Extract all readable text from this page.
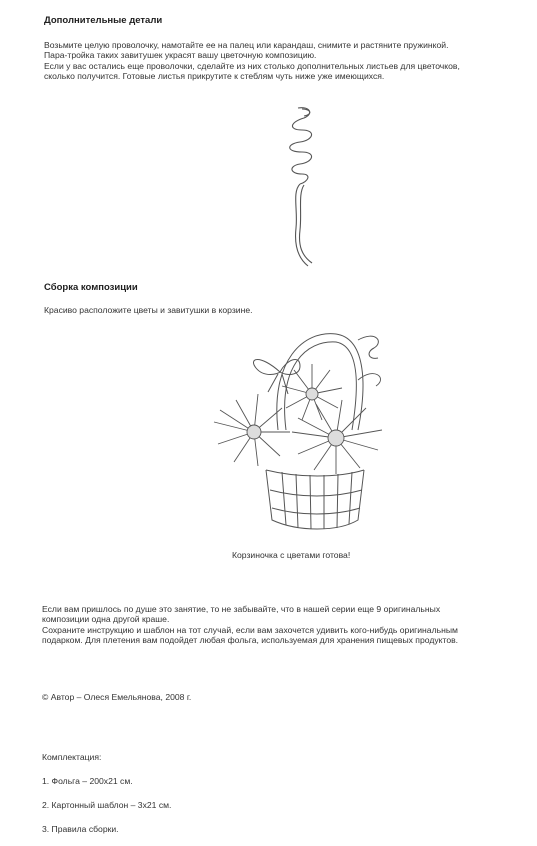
Дополнительные детали
Возьмите целую проволочку, намотайте ее на палец или карандаш, снимите и растяните пружинкой.
Пара-тройка таких завитушек украсят вашу цветочную композицию.
Если у вас остались еще проволочки, сделайте из них столько дополнительных листьев для цветочков,
сколько получится. Готовые листья прикрутите к стеблям чуть ниже уже имеющихся.
Сборка композиции
Красиво расположите цветы и завитушки в корзине.
Корзиночка с цветами готова!
Если вам пришлось по душе это занятие, то не забывайте, что в нашей серии еще 9 оригинальных
композиции одна другой краше.
Сохраните инструкцию и шаблон на тот случай, если вам захочется удивить кого-нибудь оригинальным
подарком. Для плетения вам подойдет любая фольга, используемая для хранения пищевых продуктов.
© Автор – Олеся Емельянова, 2008 г.
Комплектация:
1. Фольга – 200х21 см.
2. Картонный шаблон – 3х21 см.
3. Правила сборки.
